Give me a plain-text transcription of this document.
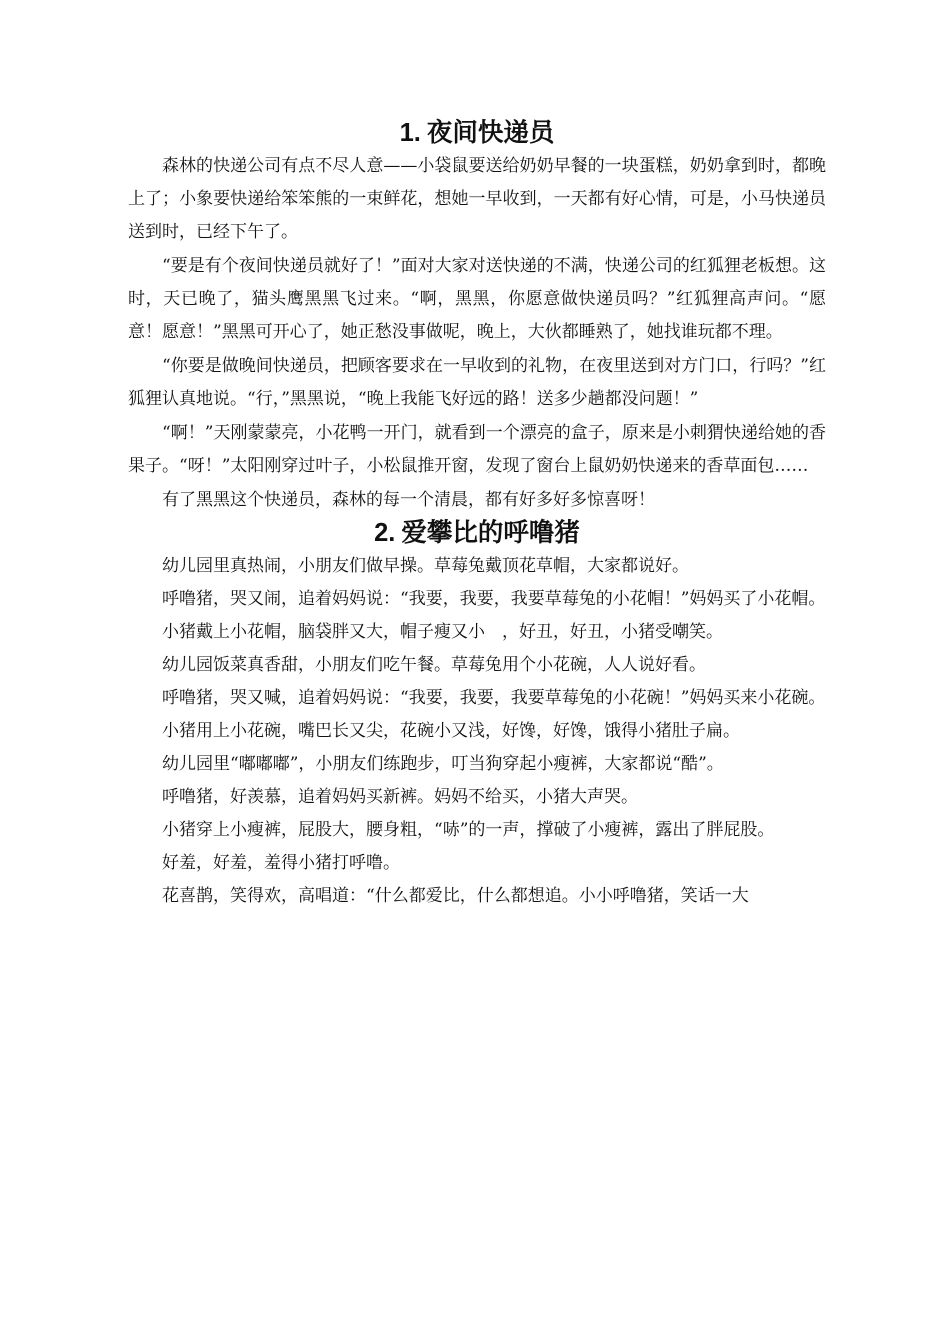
1. 夜间快递员

森林的快递公司有点不尽人意——小袋鼠要送给奶奶早餐的一块蛋糕，奶奶拿到时，都晚上了；小象要快递给笨笨熊的一束鲜花，想她一早收到，一天都有好心情，可是，小马快递员送到时，已经下午了。

“要是有个夜间快递员就好了！”面对大家对送快递的不满，快递公司的红狐狸老板想。这时，天已晚了，猫头鹰黑黑飞过来。“啊，黑黑，你愿意做快递员吗？”红狐狸高声问。“愿意！愿意！”黑黑可开心了，她正愁没事做呢，晚上，大伙都睡熟了，她找谁玩都不理。

“你要是做晚间快递员，把顾客要求在一早收到的礼物，在夜里送到对方门口，行吗？”红狐狸认真地说。“行，”黑黑说，“晚上我能飞好远的路！送多少趟都没问题！”

“啊！”天刚蒙蒙亮，小花鸭一开门，就看到一个漂亮的盒子，原来是小刺猬快递给她的香果子。“呀！”太阳刚穿过叶子，小松鼠推开窗，发现了窗台上鼠奶奶快递来的香草面包……

有了黑黑这个快递员，森林的每一个清晨，都有好多好多惊喜呀！

2. 爱攀比的呼噜猪

幼儿园里真热闹，小朋友们做早操。草莓兔戴顶花草帽，大家都说好。

呼噜猪，哭又闹，追着妈妈说：“我要，我要，我要草莓兔的小花帽！”妈妈买了小花帽。

小猪戴上小花帽，脑袋胖又大，帽子瘦又小　，好丑，好丑，小猪受嘲笑。

幼儿园饭菜真香甜，小朋友们吃午餐。草莓兔用个小花碗，人人说好看。

呼噜猪，哭又喊，追着妈妈说：“我要，我要，我要草莓兔的小花碗！”妈妈买来小花碗。

小猪用上小花碗，嘴巴长又尖，花碗小又浅，好馋，好馋，饿得小猪肚子扁。

幼儿园里“嘟嘟嘟”，小朋友们练跑步，叮当狗穿起小瘦裤，大家都说“酷”。

呼噜猪，好羡慕，追着妈妈买新裤。妈妈不给买，小猪大声哭。

小猪穿上小瘦裤，屁股大，腰身粗，“哧”的一声，撑破了小瘦裤，露出了胖屁股。

好羞，好羞，羞得小猪打呼噜。

花喜鹊，笑得欢，高唱道：“什么都爱比，什么都想追。小小呼噜猪，笑话一大
